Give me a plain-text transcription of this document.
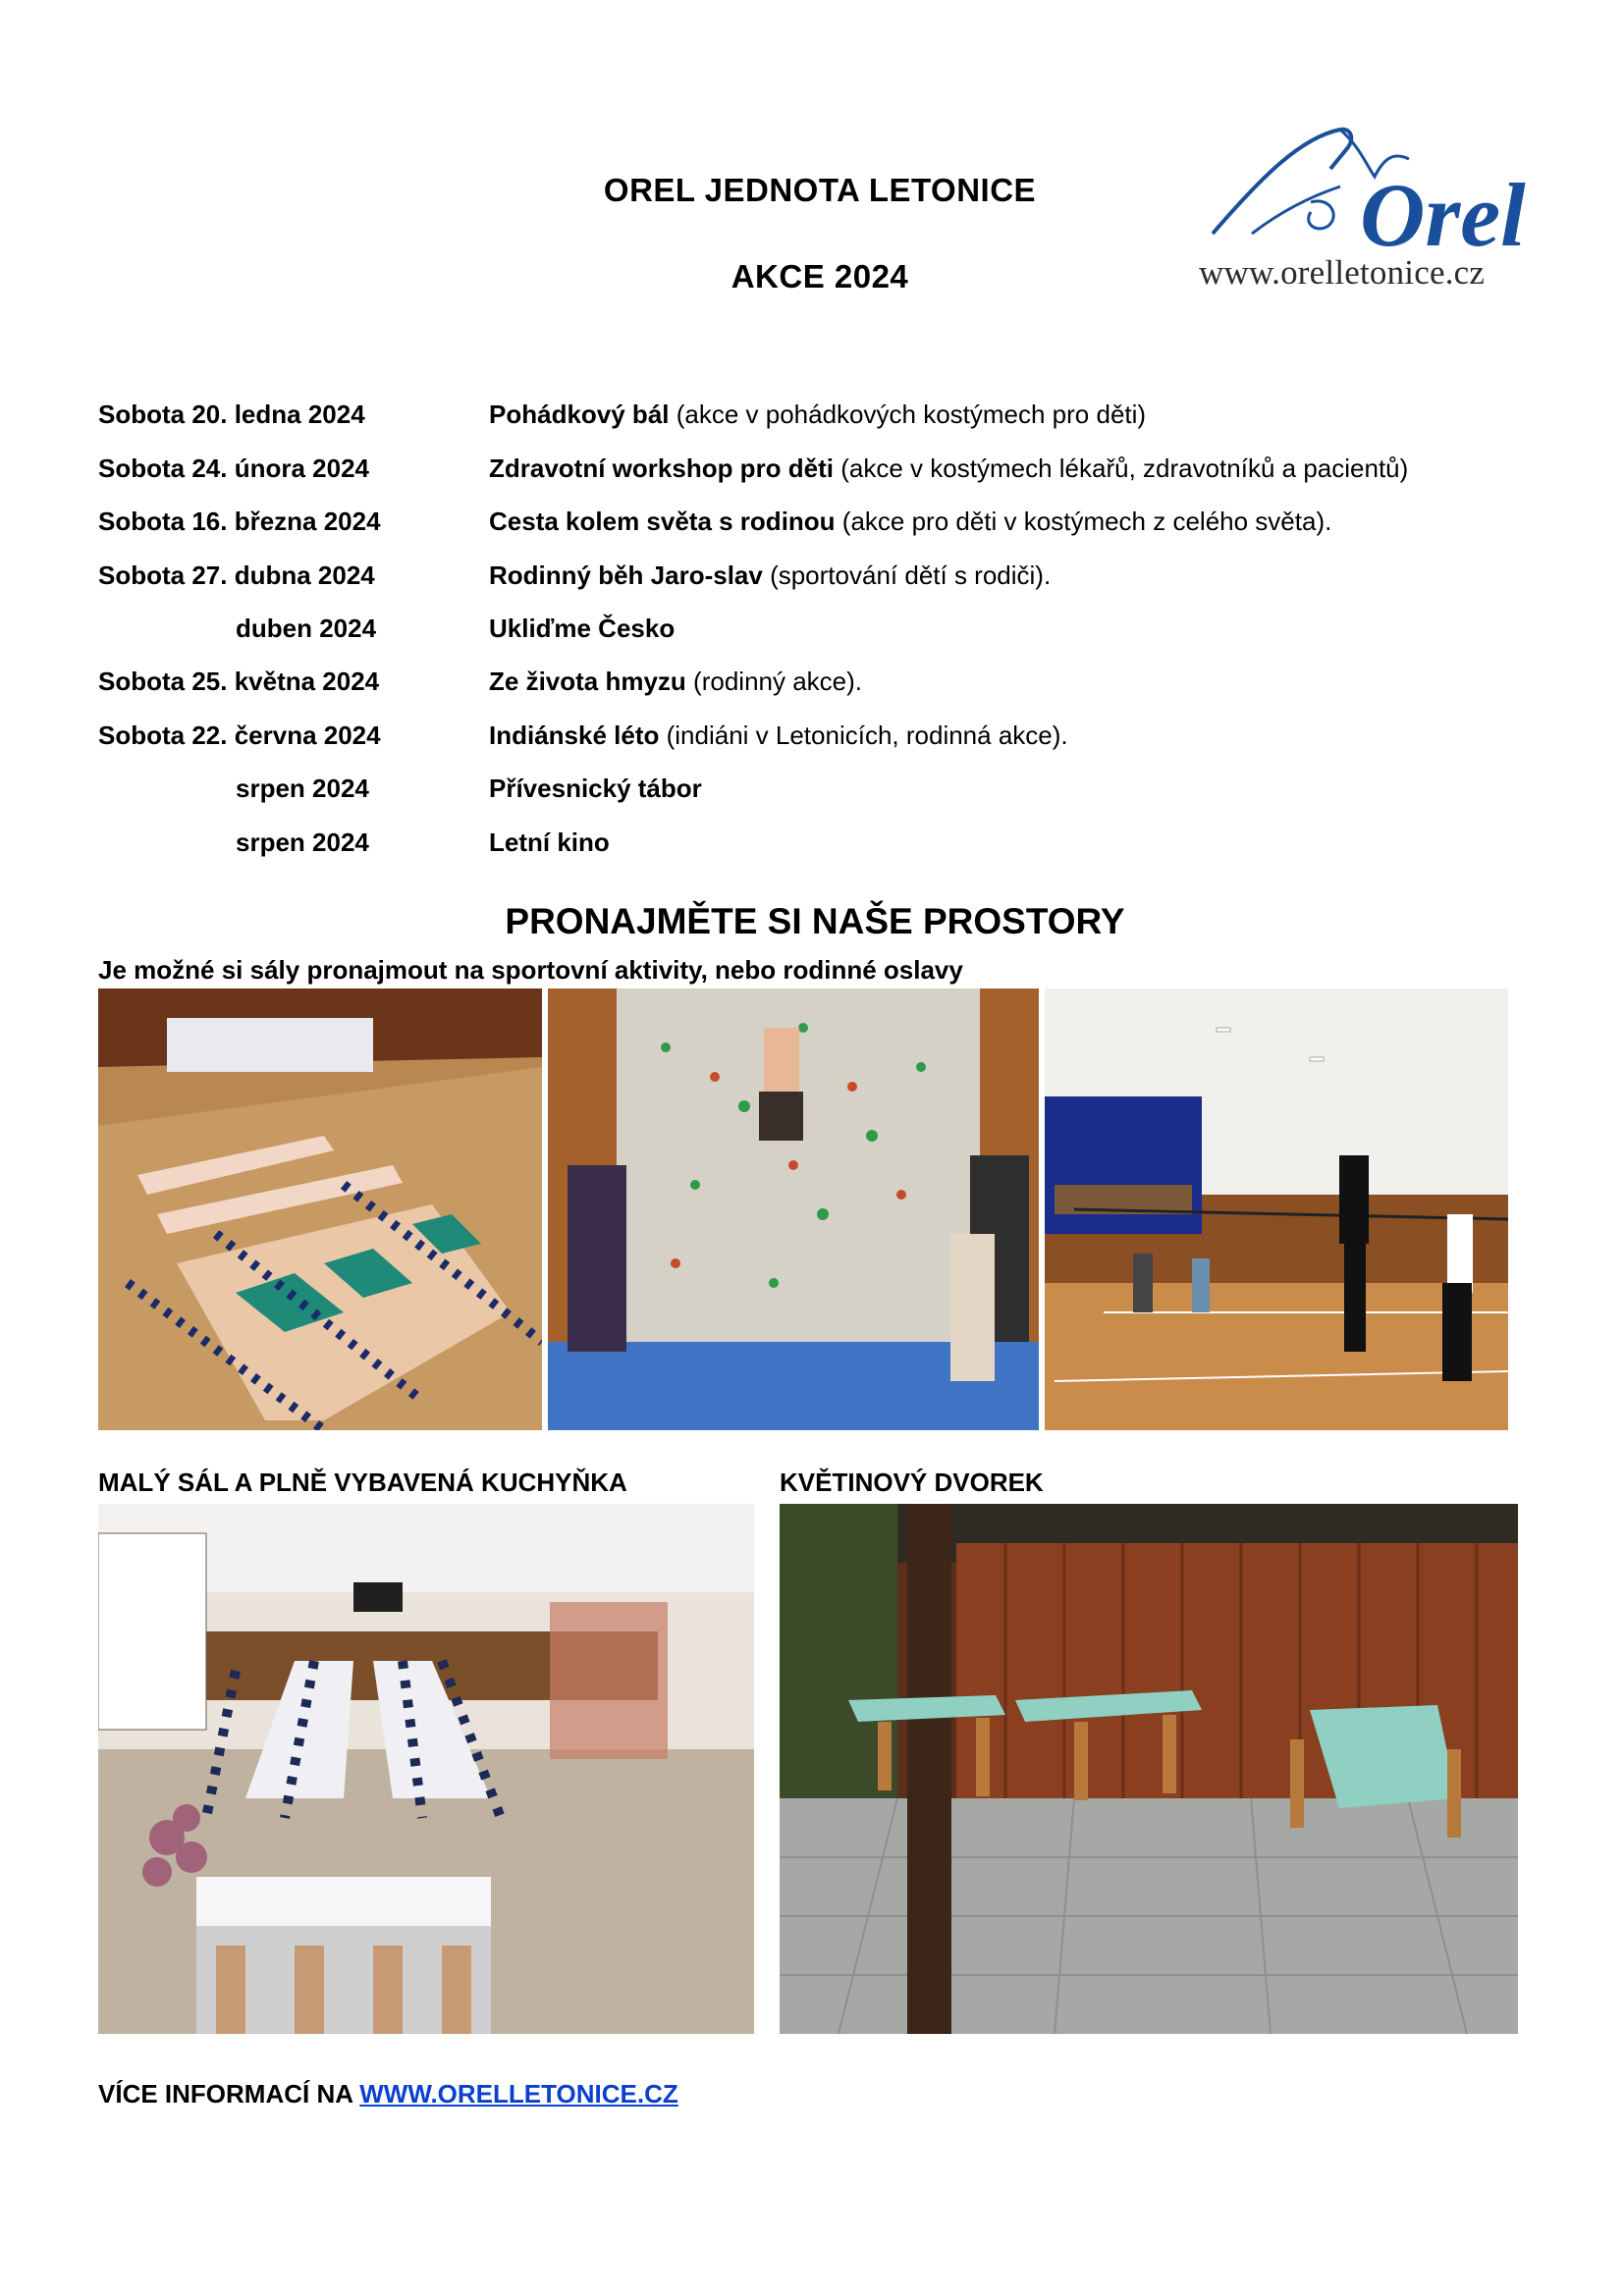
OREL JEDNOTA LETONICE
AKCE 2024
Orel
www.orelletonice.cz
Sobota 20. ledna 2024	Pohádkový bál (akce v pohádkových kostýmech pro děti)
Sobota 24. února 2024	Zdravotní workshop pro děti (akce v kostýmech lékařů, zdravotníků a pacientů)
Sobota 16. března 2024	Cesta kolem světa s rodinou (akce pro děti v kostýmech z celého světa).
Sobota 27. dubna 2024	Rodinný běh Jaro-slav (sportování dětí s rodiči).
duben 2024	Ukliďme Česko
Sobota 25. května 2024	Ze života hmyzu (rodinný akce).
Sobota 22. června 2024	Indiánské léto (indiáni v Letonicích, rodinná akce).
srpen 2024	Přívesnický tábor
srpen 2024	Letní kino
PRONAJMĚTE SI NAŠE PROSTORY
Je možné si sály pronajmout na sportovní aktivity, nebo rodinné oslavy
MALÝ SÁL A PLNĚ VYBAVENÁ KUCHYŇKA	KVĚTINOVÝ DVOREK
VÍCE INFORMACÍ NA WWW.ORELLETONICE.CZ
